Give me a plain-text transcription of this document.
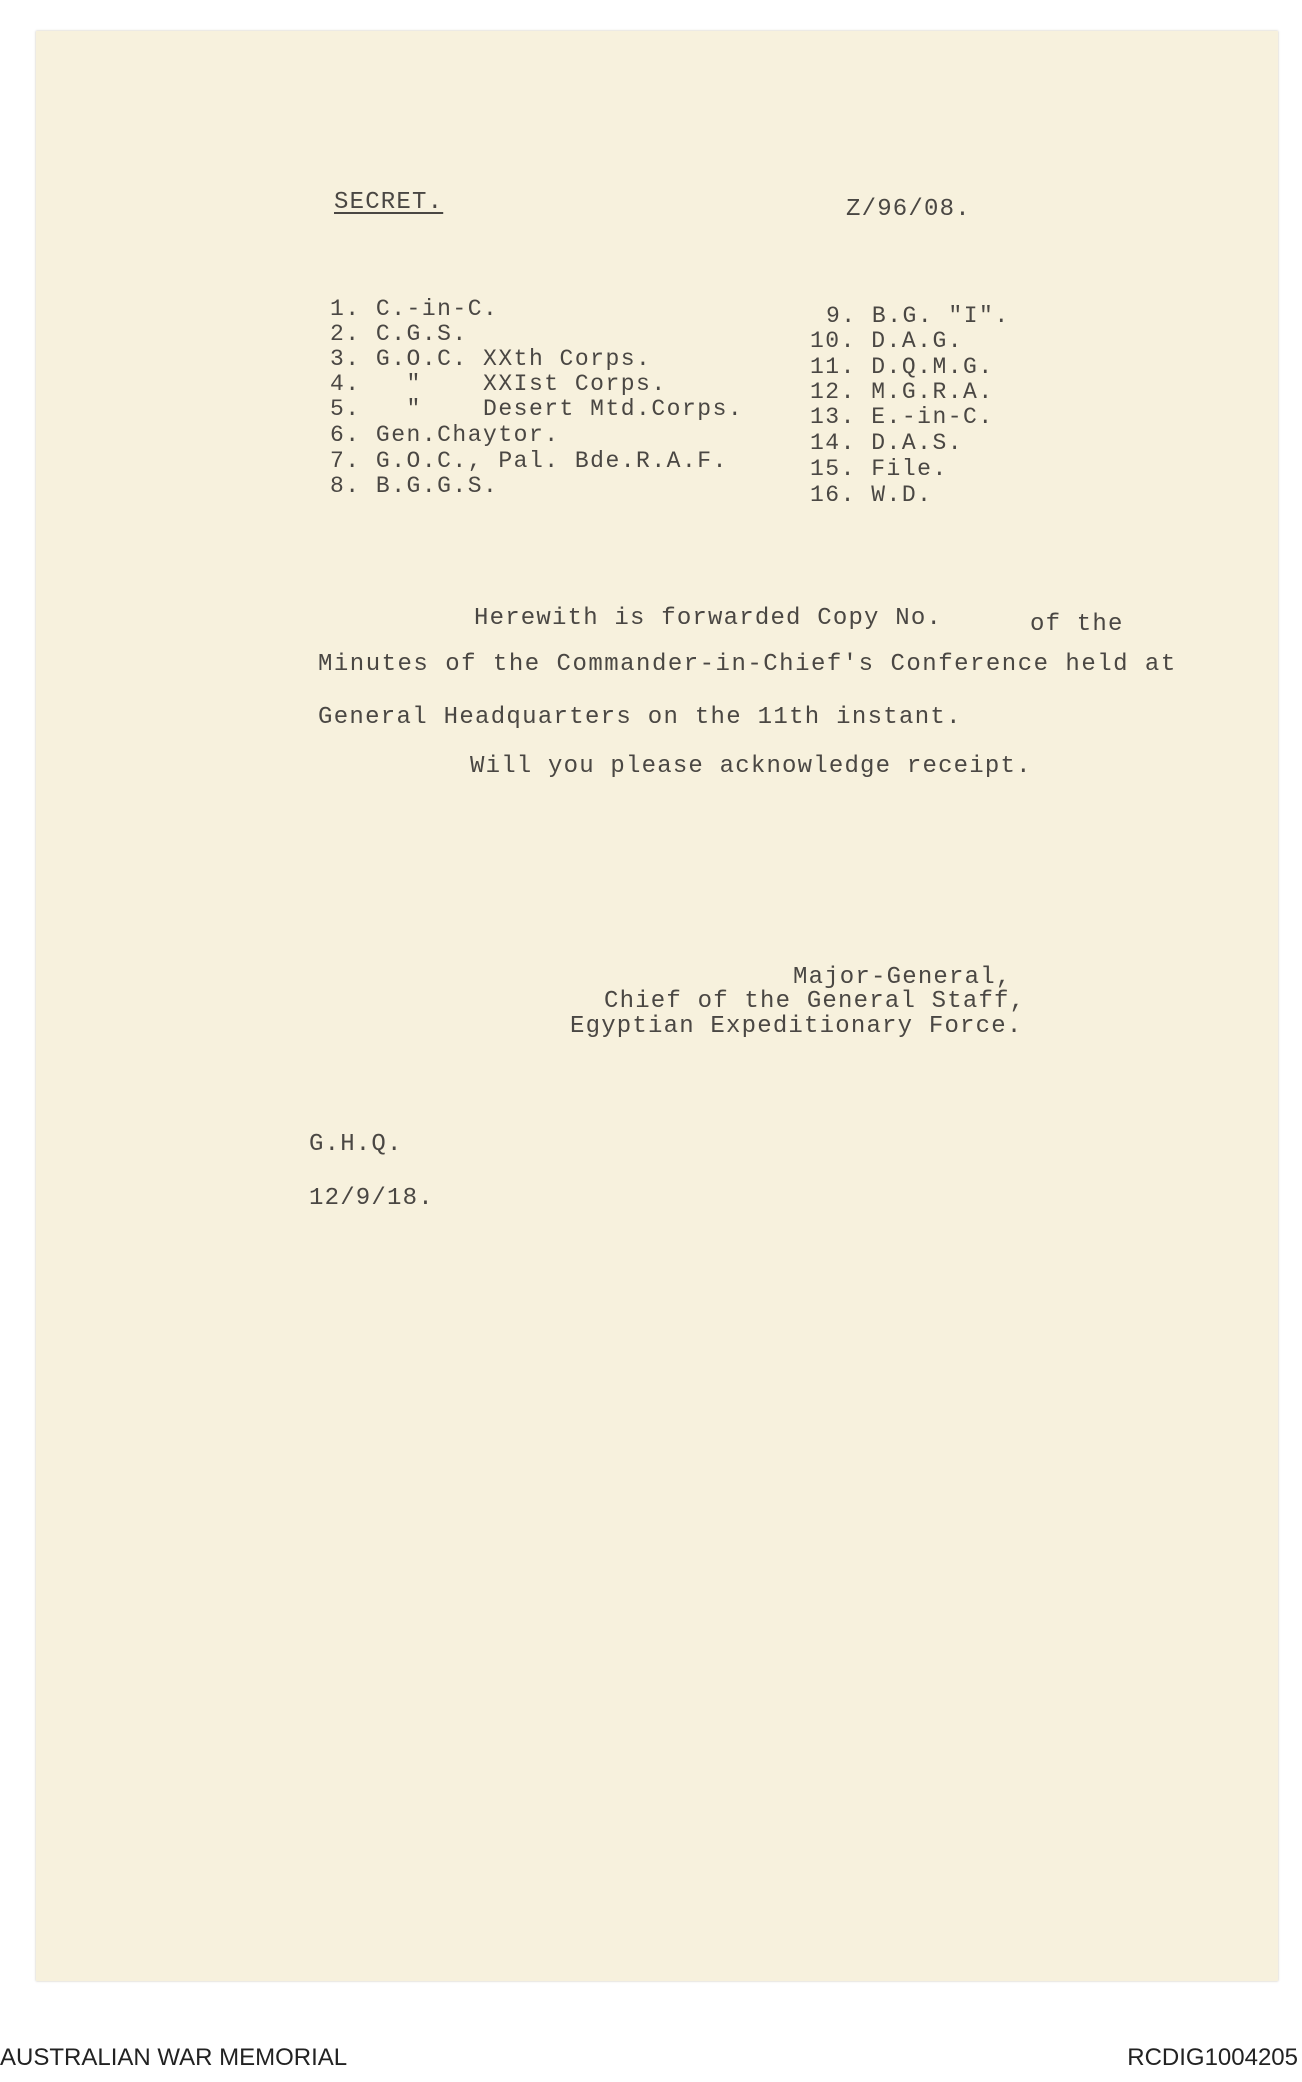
SECRET.	Z/96/08.
1. C.-in-C.
2. C.G.S.
3. G.O.C. XXth Corps.
4.   "    XXIst Corps.
5.   "    Desert Mtd.Corps.
6. Gen.Chaytor.
7. G.O.C., Pal. Bde.R.A.F.
8. B.G.G.S.
9. B.G. "I".
10. D.A.G.
11. D.Q.M.G.
12. M.G.R.A.
13. E.-in-C.
14. D.A.S.
15. File.
16. W.D.
Herewith is forwarded Copy No.	of the
Minutes of the Commander-in-Chief's Conference held at
General Headquarters on the 11th instant.
Will you please acknowledge receipt.
Major-General,
Chief of the General Staff,
Egyptian Expeditionary Force.
G.H.Q.
12/9/18.
AUSTRALIAN WAR MEMORIAL	RCDIG1004205
